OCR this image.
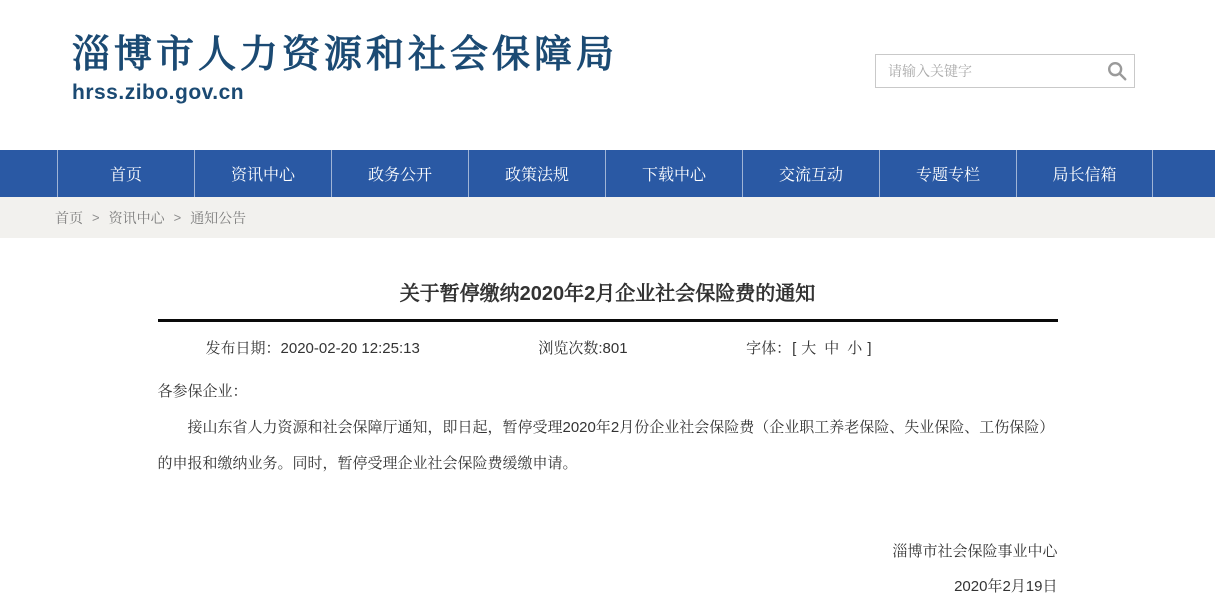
淄博市人力资源和社会保障局
hrss.zibo.gov.cn
请输入关键字
首页	资讯中心	政务公开	政策法规	下载中心	交流互动	专题专栏	局长信箱
首页 > 资讯中心 > 通知公告
关于暂停缴纳2020年2月企业社会保险费的通知
发布日期：2020-02-20 12:25:13	浏览次数:801	字体：[ 大 中 小 ]
各参保企业：
接山东省人力资源和社会保障厅通知，即日起，暂停受理2020年2月份企业社会保险费（企业职工养老保险、失业保险、工伤保险）
的申报和缴纳业务。同时，暂停受理企业社会保险费缓缴申请。
淄博市社会保险事业中心
2020年2月19日
